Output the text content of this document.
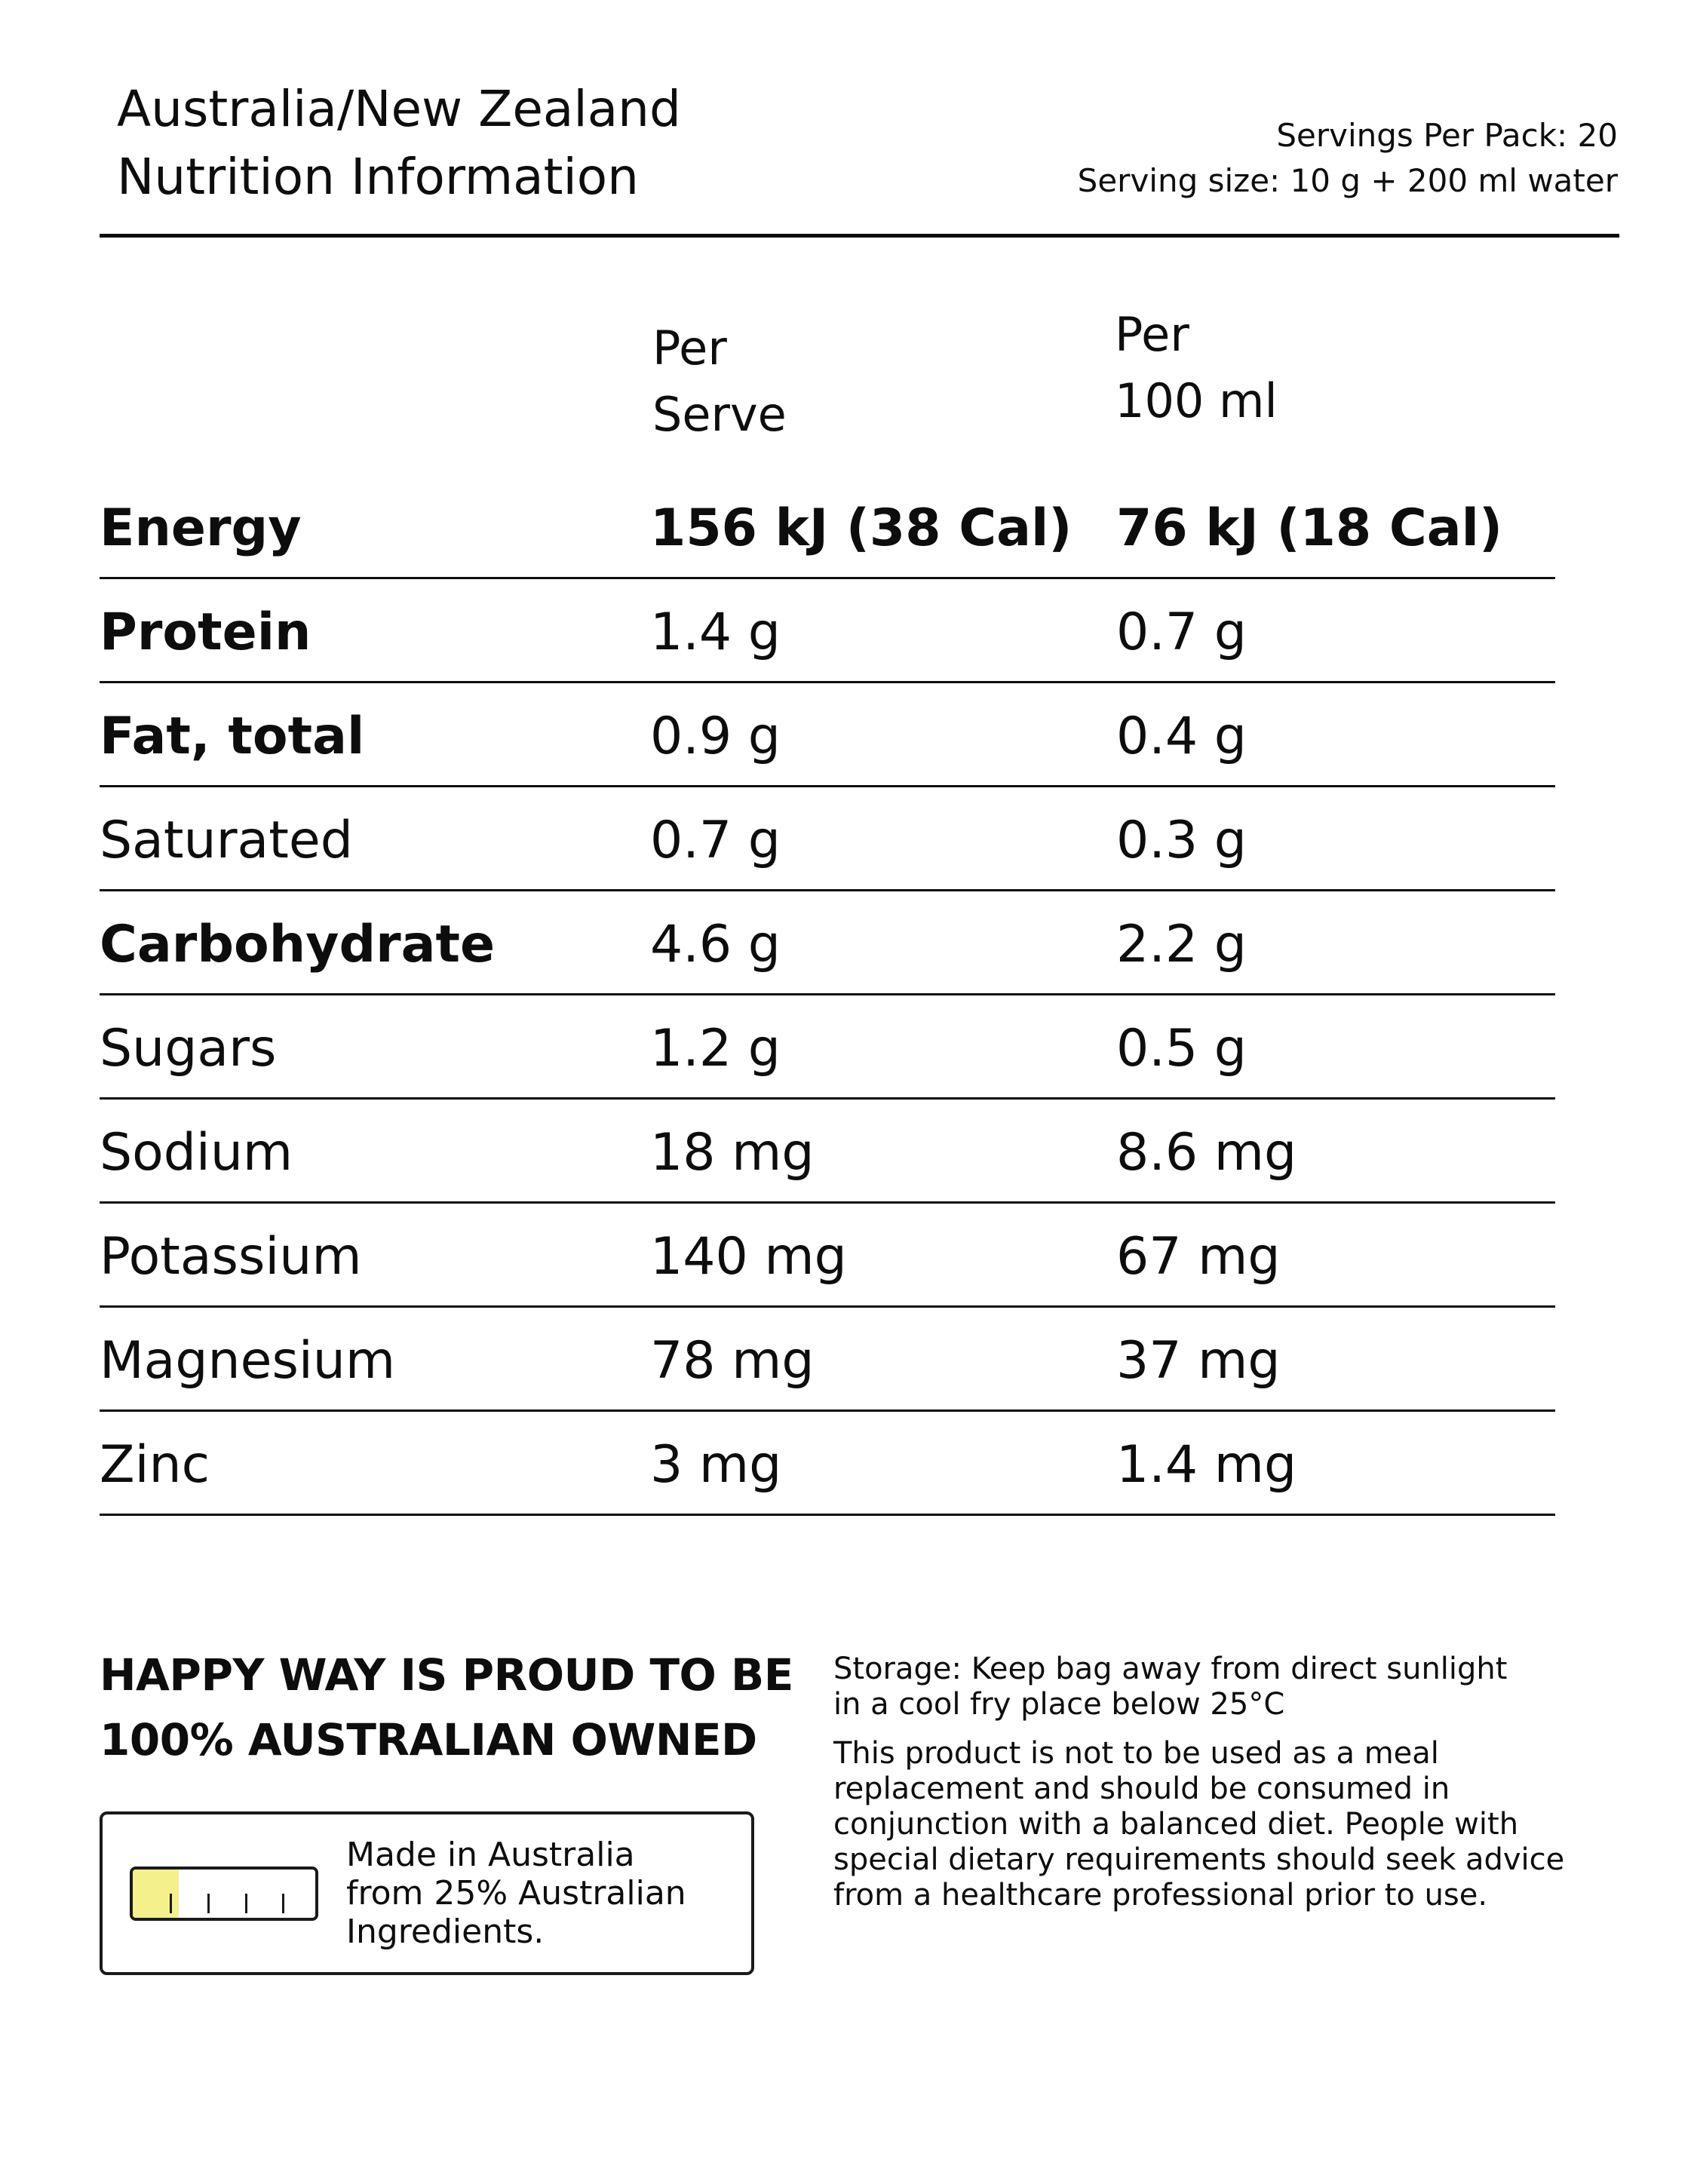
Australia/New Zealand
Nutrition Information
Servings Per Pack: 20
Serving size: 10 g + 200 ml water
Per
Serve
Per
100 ml
Energy	156 kJ (38 Cal) 76 kJ (18 Cal)
Protein	1.4 g	0.7 g
Fat, total	0.9 g	0.4 g
Saturated	0.7 g	0.3 g
Carbohydrate	4.6 g	2.2 g
Sugars	1.2 g	0.5 g
Sodium	18 mg	8.6 mg
Potassium	140 mg	67 mg
Magnesium	78 mg	37 mg
Zinc	3 mg	1.4 mg
HAPPY WAY IS PROUD TO BE
100% AUSTRALIAN OWNED
Made in Australia
from 25% Australian
Ingredients.
Storage: Keep bag away from direct sunlight
in a cool fry place below 25°C
This product is not to be used as a meal
replacement and should be consumed in
conjunction with a balanced diet. People with
special dietary requirements should seek advice
from a healthcare professional prior to use.
